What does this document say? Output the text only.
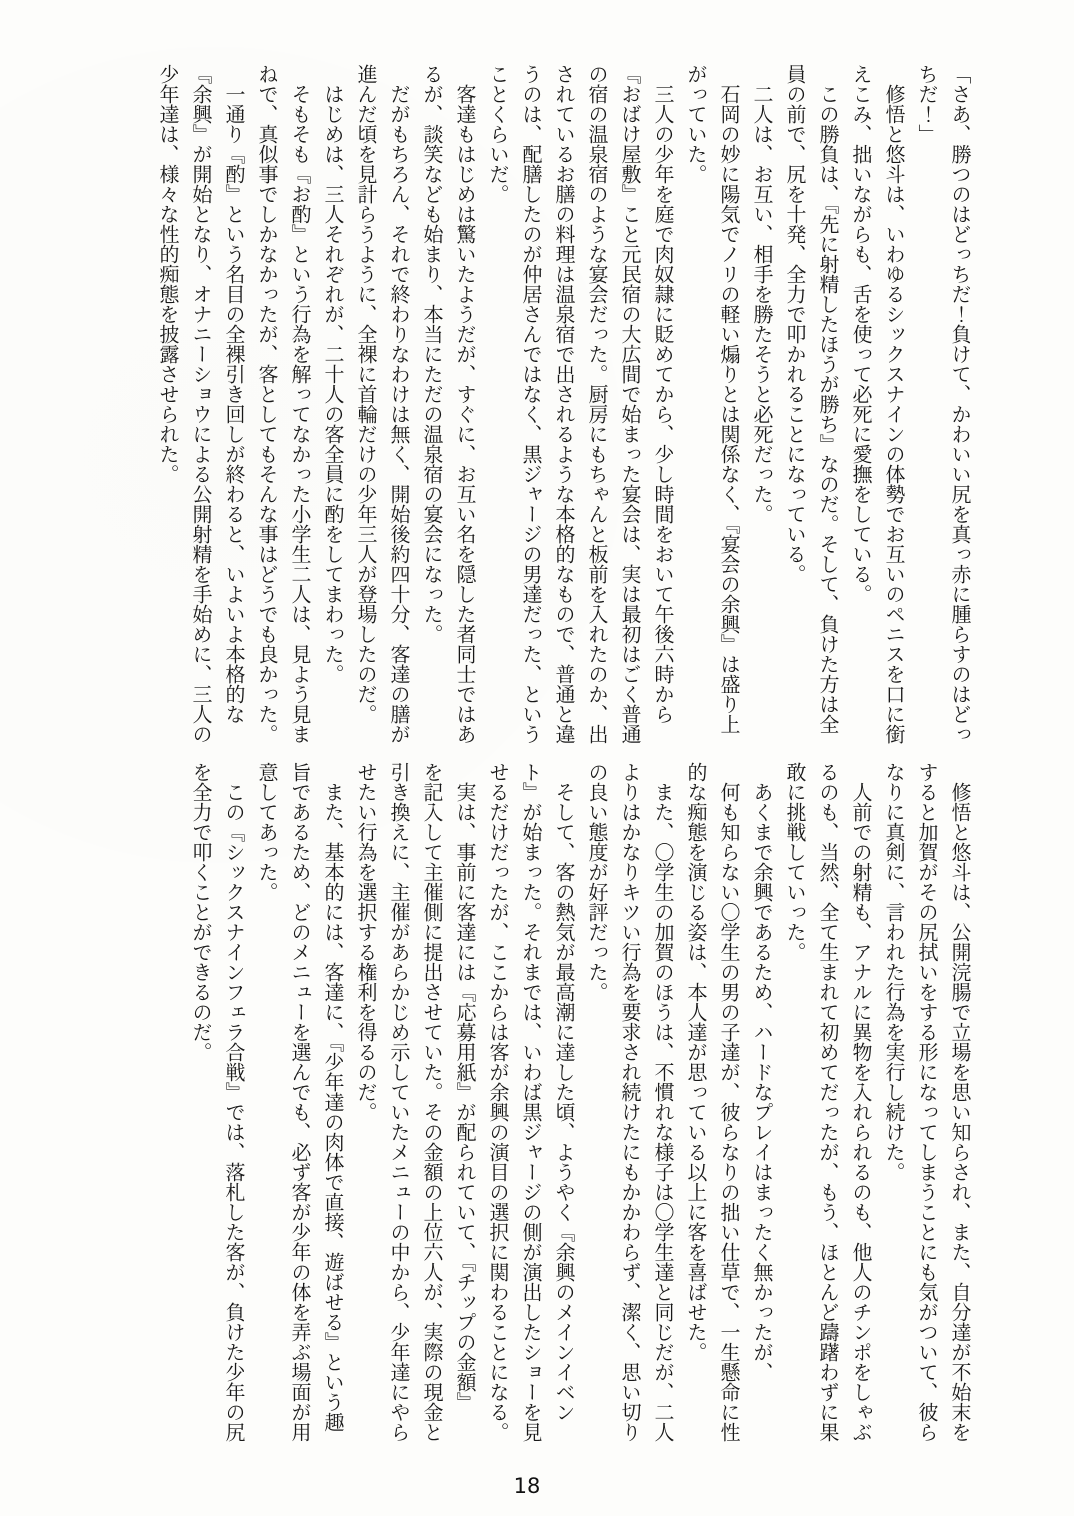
「さあ、勝つのはどっちだ！負けて、かわいい尻を真っ赤に腫らすのはどっ
ちだ！」
修悟と悠斗は、いわゆるシックスナインの体勢でお互いのペニスを口に銜
えこみ、拙いながらも、舌を使って必死に愛撫をしている。
この勝負は、『先に射精したほうが勝ち』なのだ。そして、負けた方は全
員の前で、尻を十発、全力で叩かれることになっている。
二人は、お互い、相手を勝たそうと必死だった。
石岡の妙に陽気でノリの軽い煽りとは関係なく、『宴会の余興』は盛り上
がっていた。
三人の少年を庭で肉奴隷に貶めてから、少し時間をおいて午後六時から
『おばけ屋敷』こと元民宿の大広間で始まった宴会は、実は最初はごく普通
の宿の温泉宿のような宴会だった。厨房にもちゃんと板前を入れたのか、出
されているお膳の料理は温泉宿で出されるような本格的なもので、普通と違
うのは、配膳したのが仲居さんではなく、黒ジャージの男達だった、という
ことくらいだ。
客達もはじめは驚いたようだが、すぐに、お互い名を隠した者同士ではあ
るが、談笑なども始まり、本当にただの温泉宿の宴会になった。
だがもちろん、それで終わりなわけは無く、開始後約四十分、客達の膳が
進んだ頃を見計らうように、全裸に首輪だけの少年三人が登場したのだ。
はじめは、三人それぞれが、二十人の客全員に酌をしてまわった。
そもそも『お酌』という行為を解ってなかった小学生二人は、見よう見ま
ねで、真似事でしかなかったが、客としてもそんな事はどうでも良かった。
一通り『酌』という名目の全裸引き回しが終わると、いよいよ本格的な
『余興』が開始となり、オナニーショウによる公開射精を手始めに、三人の
少年達は、様々な性的痴態を披露させられた。
修悟と悠斗は、公開浣腸で立場を思い知らされ、また、自分達が不始末を
すると加賀がその尻拭いをする形になってしまうことにも気がついて、彼ら
なりに真剣に、言われた行為を実行し続けた。
人前での射精も、アナルに異物を入れられるのも、他人のチンポをしゃぶ
るのも、当然、全て生まれて初めてだったが、もう、ほとんど躊躇わずに果
敢に挑戦していった。
あくまで余興であるため、ハードなプレイはまったく無かったが、
何も知らない〇学生の男の子達が、彼らなりの拙い仕草で、一生懸命に性
的な痴態を演じる姿は、本人達が思っている以上に客を喜ばせた。
また、〇学生の加賀のほうは、不慣れな様子は〇学生達と同じだが、二人
よりはかなりキツい行為を要求され続けたにもかかわらず、潔く、思い切り
の良い態度が好評だった。
そして、客の熱気が最高潮に達した頃、ようやく『余興のメインイベン
ト』が始まった。それまでは、いわば黒ジャージの側が演出したショーを見
せるだけだったが、ここからは客が余興の演目の選択に関わることになる。
実は、事前に客達には『応募用紙』が配られていて、『チップの金額』
を記入して主催側に提出させていた。その金額の上位六人が、実際の現金と
引き換えに、主催があらかじめ示していたメニューの中から、少年達にやら
せたい行為を選択する権利を得るのだ。
また、基本的には、客達に、『少年達の肉体で直接、遊ばせる』という趣
旨であるため、どのメニューを選んでも、必ず客が少年の体を弄ぶ場面が用
意してあった。
この『シックスナインフェラ合戦』では、落札した客が、負けた少年の尻
を全力で叩くことができるのだ。
18
